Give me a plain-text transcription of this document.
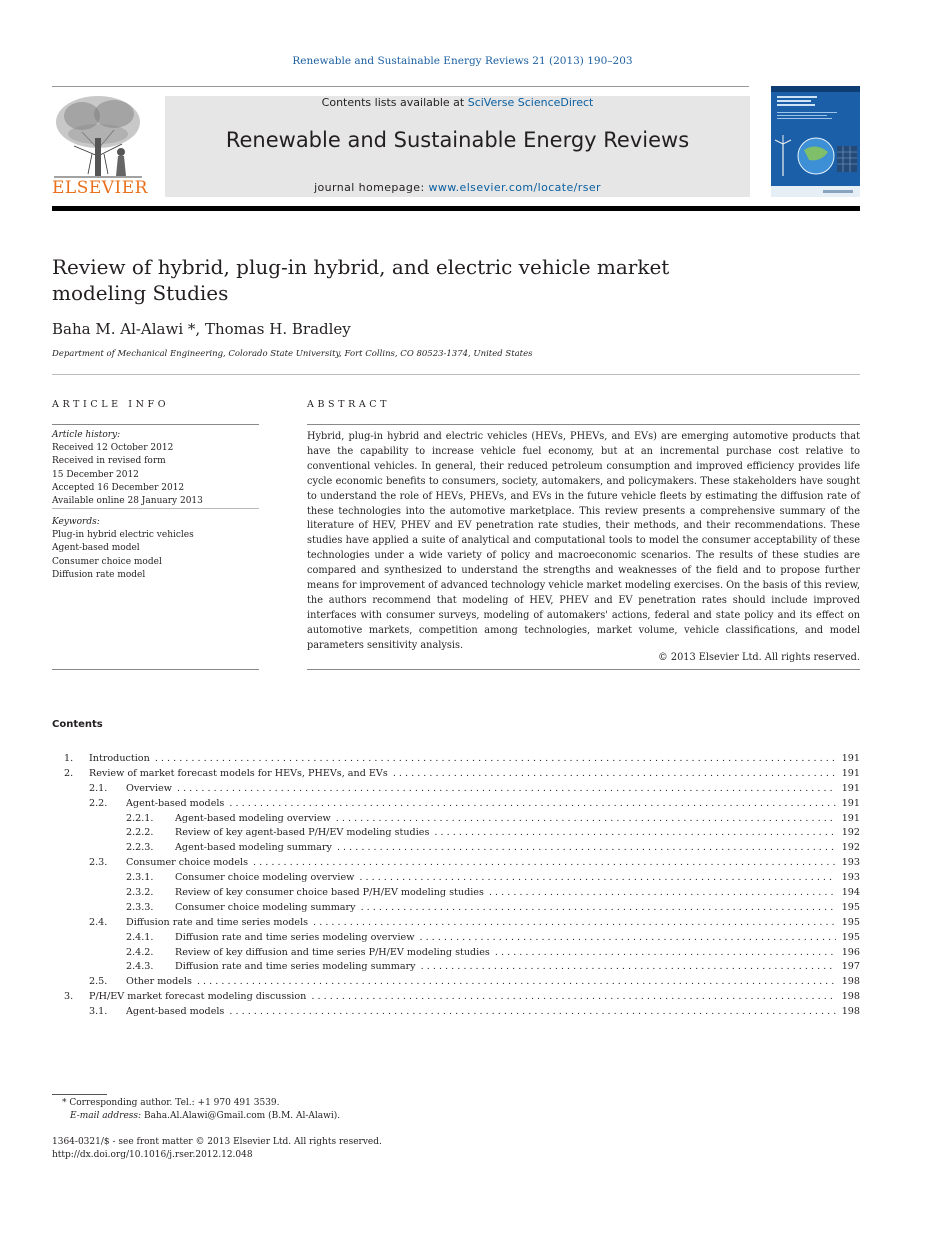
Renewable and Sustainable Energy Reviews 21 (2013) 190–203
ELSEVIER
Contents lists available at SciVerse ScienceDirect
Renewable and Sustainable Energy Reviews
journal homepage: www.elsevier.com/locate/rser
Review of hybrid, plug-in hybrid, and electric vehicle market modeling Studies
Baha M. Al-Alawi *, Thomas H. Bradley
Department of Mechanical Engineering, Colorado State University, Fort Collins, CO 80523-1374, United States
ARTICLE INFO
Article history:
Received 12 October 2012
Received in revised form
15 December 2012
Accepted 16 December 2012
Available online 28 January 2013
Keywords:
Plug-in hybrid electric vehicles
Agent-based model
Consumer choice model
Diffusion rate model
ABSTRACT
Hybrid, plug-in hybrid and electric vehicles (HEVs, PHEVs, and EVs) are emerging automotive products that have the capability to increase vehicle fuel economy, but at an incremental purchase cost relative to conventional vehicles. In general, their reduced petroleum consumption and improved efficiency provides life cycle economic benefits to consumers, society, automakers, and policymakers. These stakeholders have sought to understand the role of HEVs, PHEVs, and EVs in the future vehicle fleets by estimating the diffusion rate of these technologies into the automotive marketplace. This review presents a comprehensive summary of the literature of HEV, PHEV and EV penetration rate studies, their methods, and their recommendations. These studies have applied a suite of analytical and computational tools to model the consumer acceptability of these technologies under a wide variety of policy and macroeconomic scenarios. The results of these studies are compared and synthesized to understand the strengths and weaknesses of the field and to propose further means for improvement of advanced technology vehicle market modeling exercises. On the basis of this review, the authors recommend that modeling of HEV, PHEV and EV penetration rates should include improved interfaces with consumer surveys, modeling of automakers' actions, federal and state policy and its effect on automotive markets, competition among technologies, market volume, vehicle classifications, and model parameters sensitivity analysis.
© 2013 Elsevier Ltd. All rights reserved.
Contents
1. Introduction . . .	191
2. Review of market forecast models for HEVs, PHEVs, and EVs . . .	191
2.1. Overview . . .	191
2.2. Agent-based models . . .	191
2.2.1. Agent-based modeling overview . . .	191
2.2.2. Review of key agent-based P/H/EV modeling studies . . .	192
2.2.3. Agent-based modeling summary . . .	192
2.3. Consumer choice models . . .	193
2.3.1. Consumer choice modeling overview . . .	193
2.3.2. Review of key consumer choice based P/H/EV modeling studies . . .	194
2.3.3. Consumer choice modeling summary . . .	195
2.4. Diffusion rate and time series models . . .	195
2.4.1. Diffusion rate and time series modeling overview . . .	195
2.4.2. Review of key diffusion and time series P/H/EV modeling studies . . .	196
2.4.3. Diffusion rate and time series modeling summary . . .	197
2.5. Other models . . .	198
3. P/H/EV market forecast modeling discussion . . .	198
3.1. Agent-based models . . .	198
* Corresponding author. Tel.: +1 970 491 3539.
E-mail address: Baha.Al.Alawi@Gmail.com (B.M. Al-Alawi).
1364-0321/$ - see front matter © 2013 Elsevier Ltd. All rights reserved.
http://dx.doi.org/10.1016/j.rser.2012.12.048
